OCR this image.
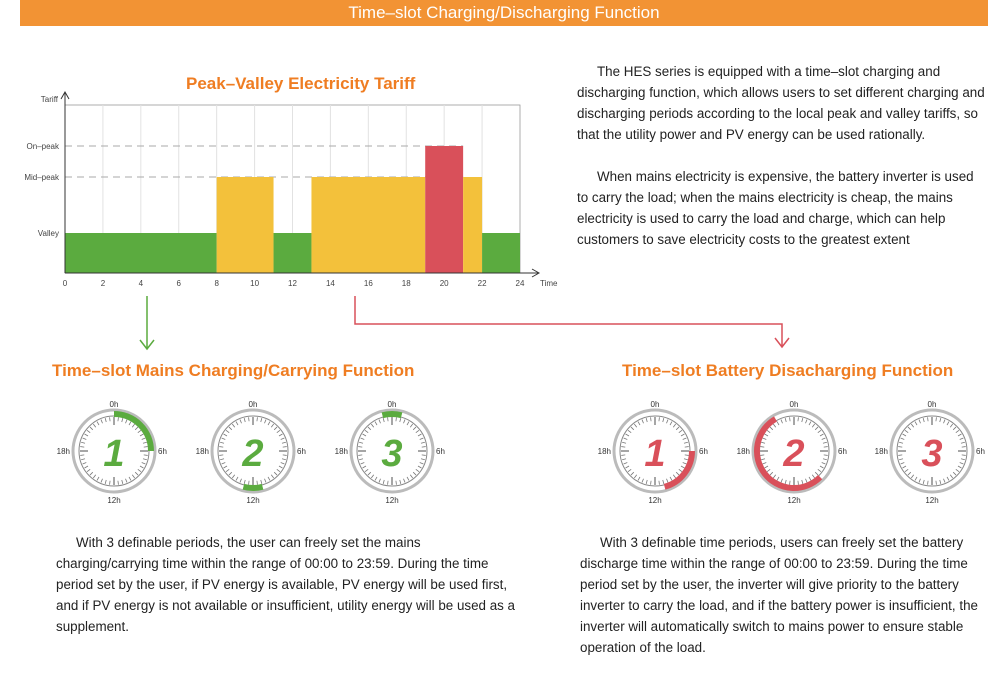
Time–slot Charging/Discharging Function
Peak–Valley Electricity Tariff
0	2	4	6	8	10	12	14	16	18	20	22	24 Time
Tariff
Valley
Mid–peak
On–peak

The HES series is equipped with a time–slot charging and discharging function, which allows users to set different charging and discharging periods according to the local peak and valley tariffs, so that the utility power and PV energy can be used rationally.

When mains electricity is expensive, the battery inverter is used to carry the load; when the mains electricity is cheap, the mains electricity is used to carry the load and charge, which can help customers to save electricity costs to the greatest extent

Time–slot Mains Charging/Carrying Function	Time–slot Battery Disacharging Function
1
0h
6h
12h
18h	2
0h
6h
12h
18h	3
0h
6h
12h
18h	1
0h
6h
12h
18h	2
0h
6h
12h
18h	3
0h
6h
12h
18h

With 3 definable periods, the user can freely set the mains charging/carrying time within the range of 00:00 to 23:59. During the time period set by the user, if PV energy is available, PV energy will be used first, and if PV energy is not available or insufficient, utility energy will be used as a supplement.

With 3 definable time periods, users can freely set the battery discharge time within the range of 00:00 to 23:59. During the time period set by the user, the inverter will give priority to the battery inverter to carry the load, and if the battery power is insufficient, the inverter will automatically switch to mains power to ensure stable operation of the load.
